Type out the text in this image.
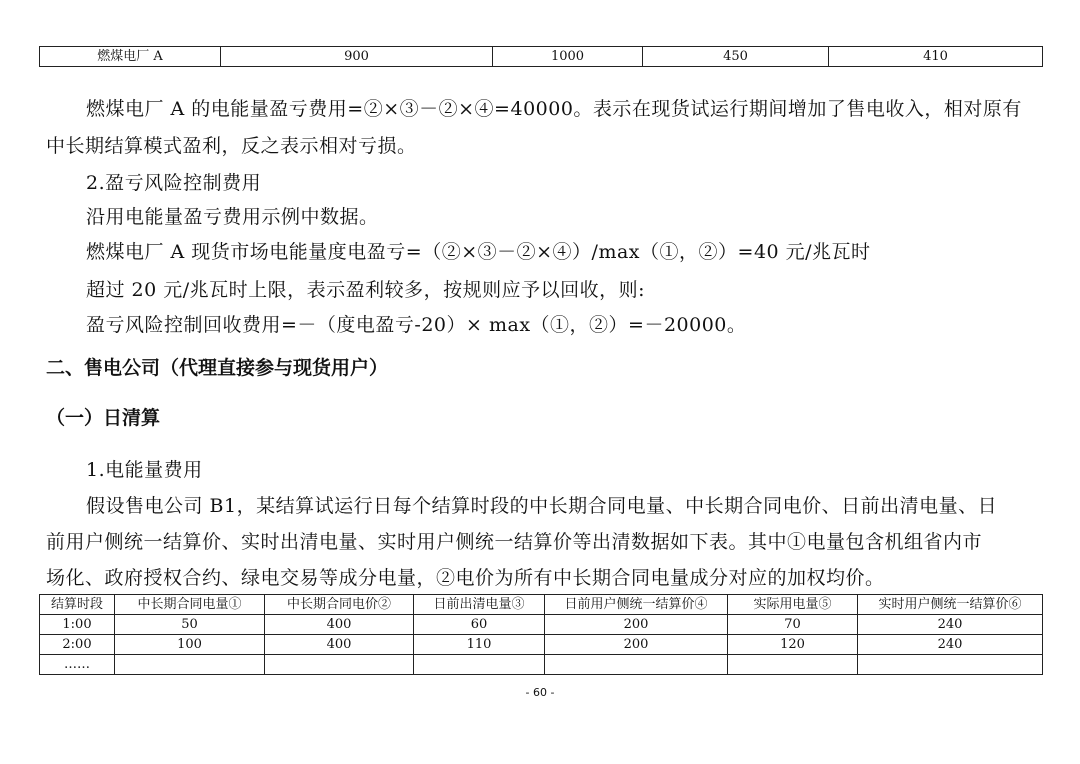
燃煤电厂 A	900	1000	450	410
燃煤电厂 A 的电能量盈亏费用=②×③－②×④=40000。表示在现货试运行期间增加了售电收入，相对原有
中长期结算模式盈利，反之表示相对亏损。
2.盈亏风险控制费用
沿用电能量盈亏费用示例中数据。
燃煤电厂 A 现货市场电能量度电盈亏=（②×③－②×④）/max（①，②）=40 元/兆瓦时
超过 20 元/兆瓦时上限，表示盈利较多，按规则应予以回收，则:
盈亏风险控制回收费用=－（度电盈亏-20）× max（①，②）=－20000。
二、售电公司（代理直接参与现货用户）
（一）日清算
1.电能量费用
假设售电公司 B1，某结算试运行日每个结算时段的中长期合同电量、中长期合同电价、日前出清电量、日
前用户侧统一结算价、实时出清电量、实时用户侧统一结算价等出清数据如下表。其中①电量包含机组省内市
场化、政府授权合约、绿电交易等成分电量，②电价为所有中长期合同电量成分对应的加权均价。
结算时段	中长期合同电量①	中长期合同电价②	日前出清电量③	日前用户侧统一结算价④	实际用电量⑤	实时用户侧统一结算价⑥
1:00	50	400	60	200	70	240
2:00	100	400	110	200	120	240
……						
- 60 -
